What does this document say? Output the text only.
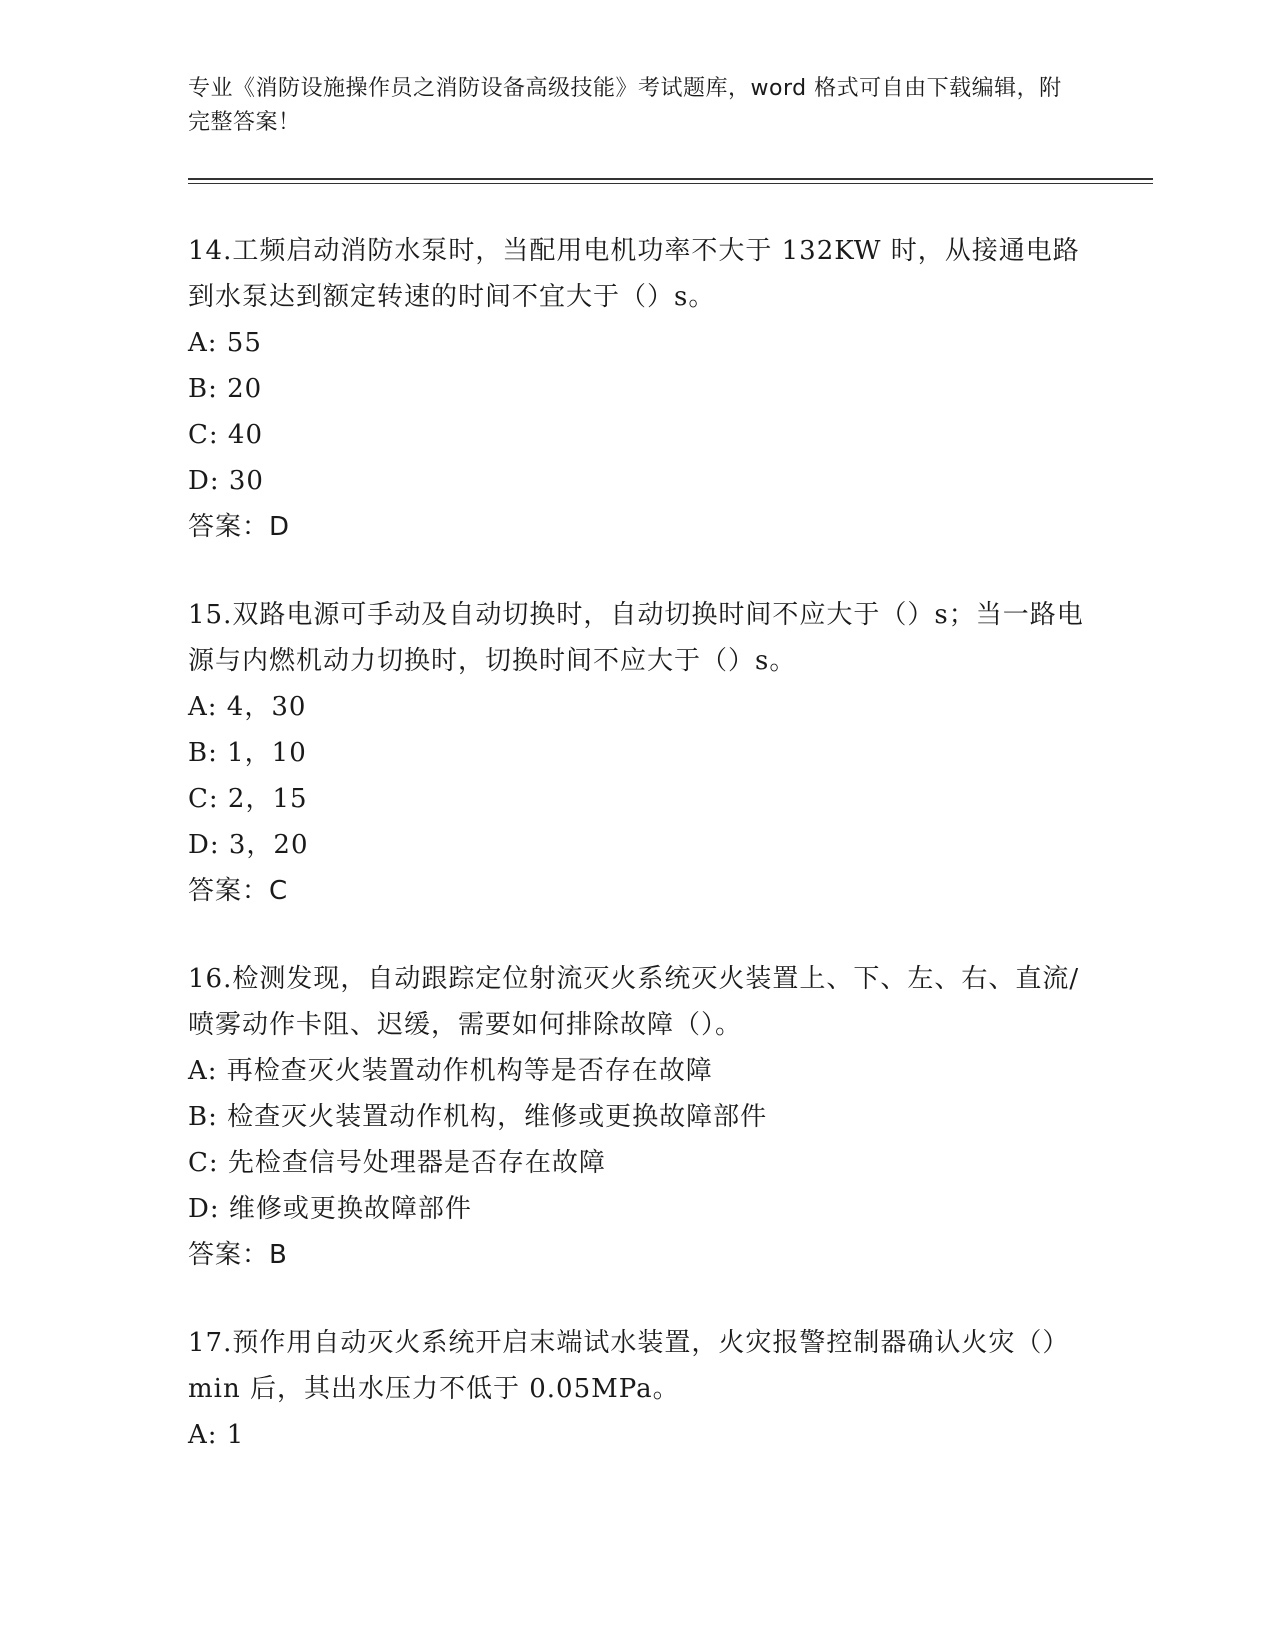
专业《消防设施操作员之消防设备高级技能》考试题库，word 格式可自由下载编辑，附完整答案！
14.工频启动消防水泵时，当配用电机功率不大于 132KW 时，从接通电路到水泵达到额定转速的时间不宜大于（）s。
A: 55
B: 20
C: 40
D: 30
答案：D
15.双路电源可手动及自动切换时，自动切换时间不应大于（）s；当一路电源与内燃机动力切换时，切换时间不应大于（）s。
A: 4，30
B: 1，10
C: 2，15
D: 3，20
答案：C
16.检测发现，自动跟踪定位射流灭火系统灭火装置上、下、左、右、直流/喷雾动作卡阻、迟缓，需要如何排除故障（）。
A: 再检查灭火装置动作机构等是否存在故障
B: 检查灭火装置动作机构，维修或更换故障部件
C: 先检查信号处理器是否存在故障
D: 维修或更换故障部件
答案：B
17.预作用自动灭火系统开启末端试水装置，火灾报警控制器确认火灾（）min 后，其出水压力不低于 0.05MPa。
A: 1
